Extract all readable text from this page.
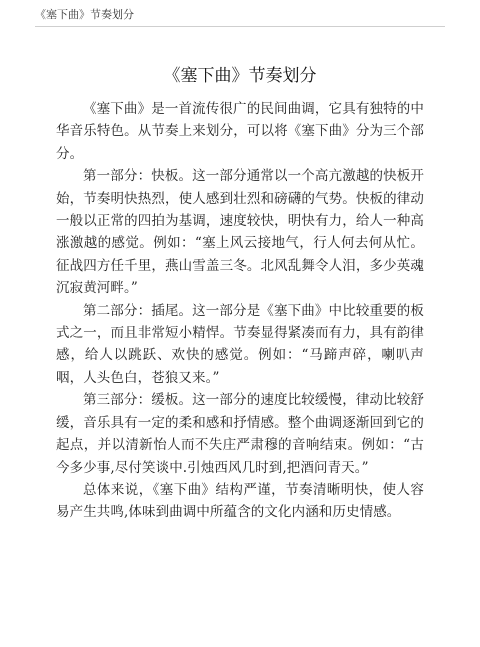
《塞下曲》节奏划分
《塞下曲》节奏划分

《塞下曲》是一首流传很广的民间曲调，它具有独特的中华音乐特色。从节奏上来划分，可以将《塞下曲》分为三个部分。

第一部分：快板。这一部分通常以一个高亢激越的快板开始，节奏明快热烈，使人感到壮烈和磅礴的气势。快板的律动一般以正常的四拍为基调，速度较快，明快有力，给人一种高涨激越的感觉。例如：“塞上风云接地气，行人何去何从忙。征战四方任千里，燕山雪盖三冬。北风乱舞令人泪，多少英魂沉寂黄河畔。”

第二部分：插尾。这一部分是《塞下曲》中比较重要的板式之一，而且非常短小精悍。节奏显得紧凑而有力，具有韵律感，给人以跳跃、欢快的感觉。例如：“马蹄声碎，喇叭声咽，人头色白，苍狼又来。”

第三部分：缓板。这一部分的速度比较缓慢，律动比较舒缓，音乐具有一定的柔和感和抒情感。整个曲调逐渐回到它的起点，并以清新怡人而不失庄严肃穆的音响结束。例如：“古今多少事,尽付笑谈中.引烛西风几时到,把酒问青天。”

总体来说，《塞下曲》结构严谨，节奏清晰明快，使人容易产生共鸣,体味到曲调中所蕴含的文化内涵和历史情感。
